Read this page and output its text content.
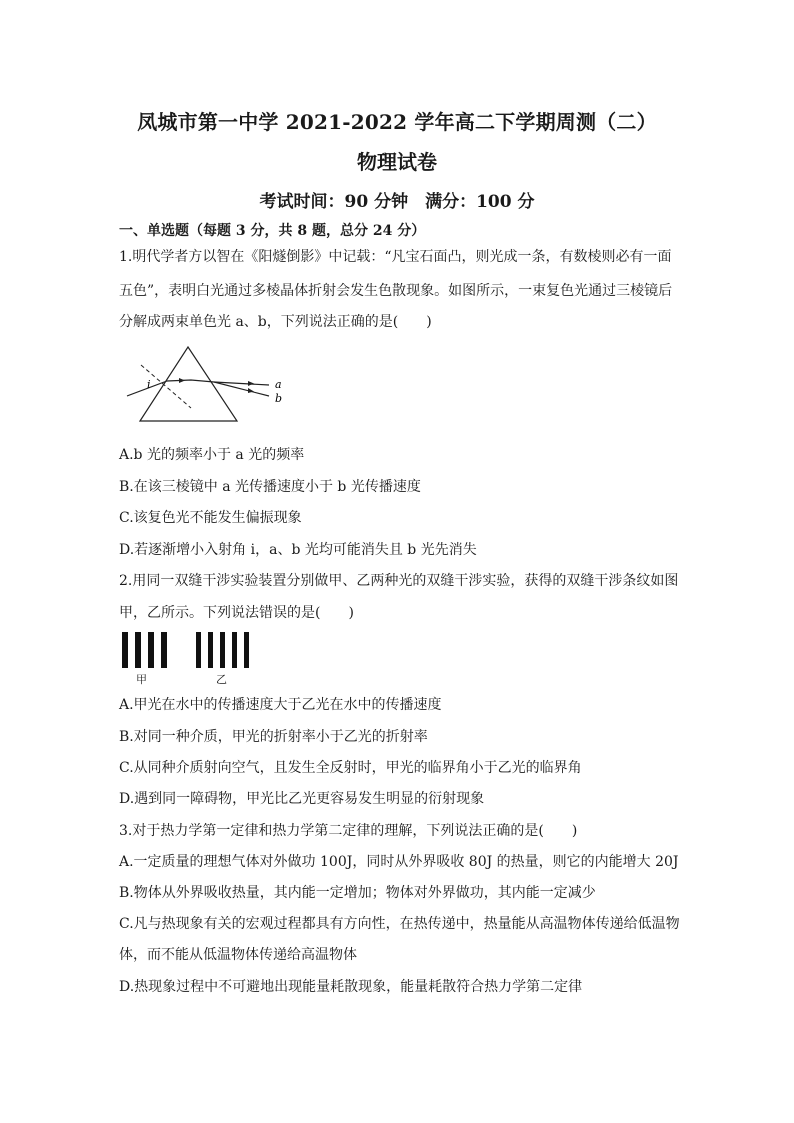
凤城市第一中学 2021-2022 学年高二下学期周测（二）
物理试卷
考试时间：90 分钟　满分：100 分
一、单选题（每题 3 分，共 8 题，总分 24 分）
1.明代学者方以智在《阳燧倒影》中记载：“凡宝石面凸，则光成一条，有数棱则必有一面
五色”，表明白光通过多棱晶体折射会发生色散现象。如图所示，一束复色光通过三棱镜后
分解成两束单色光 a、b，下列说法正确的是(　　)
i	a
b
A.b 光的频率小于 a 光的频率
B.在该三棱镜中 a 光传播速度小于 b 光传播速度
C.该复色光不能发生偏振现象
D.若逐渐增小入射角 i，a、b 光均可能消失且 b 光先消失
2.用同一双缝干涉实验装置分别做甲、乙两种光的双缝干涉实验，获得的双缝干涉条纹如图
甲，乙所示。下列说法错误的是(　　)
甲	乙
A.甲光在水中的传播速度大于乙光在水中的传播速度
B.对同一种介质，甲光的折射率小于乙光的折射率
C.从同种介质射向空气，且发生全反射时，甲光的临界角小于乙光的临界角
D.遇到同一障碍物，甲光比乙光更容易发生明显的衍射现象
3.对于热力学第一定律和热力学第二定律的理解，下列说法正确的是(　　)
A.一定质量的理想气体对外做功 100J，同时从外界吸收 80J 的热量，则它的内能增大 20J
B.物体从外界吸收热量，其内能一定增加；物体对外界做功，其内能一定减少
C.凡与热现象有关的宏观过程都具有方向性，在热传递中，热量能从高温物体传递给低温物
体，而不能从低温物体传递给高温物体
D.热现象过程中不可避地出现能量耗散现象，能量耗散符合热力学第二定律
